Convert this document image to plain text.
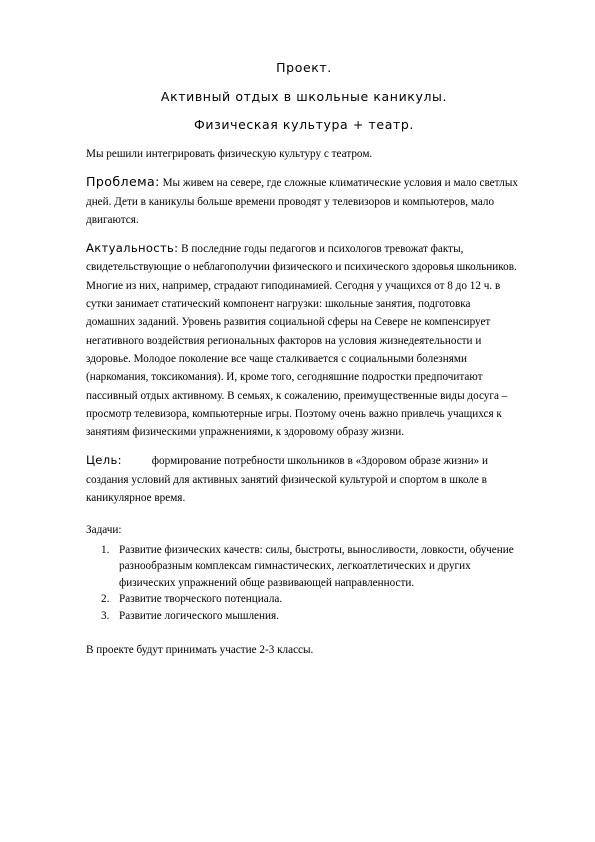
Проект.

Активный отдых в школьные каникулы.

Физическая культура + театр.

Мы решили интегрировать физическую культуру с театром.

Проблема: Мы живем на севере, где сложные климатические условия и мало светлых дней. Дети в каникулы больше времени проводят у телевизоров и компьютеров, мало двигаются.

Актуальность: В последние годы педагогов и психологов тревожат факты, свидетельствующие о неблагополучии физического и психического здоровья школьников. Многие из них, например, страдают гиподинамией. Сегодня у учащихся от 8 до 12 ч. в сутки занимает статический компонент нагрузки: школьные занятия, подготовка домашних заданий. Уровень развития социальной сферы на Севере не компенсирует негативного воздействия региональных факторов на условия жизнедеятельности и здоровье. Молодое поколение все чаще сталкивается с социальными болезнями (наркомания, токсикомания). И, кроме того, сегодняшние подростки предпочитают пассивный отдых активному. В семьях, к сожалению, преимущественные виды досуга – просмотр телевизора, компьютерные игры. Поэтому очень важно привлечь учащихся к занятиям физическими упражнениями, к здоровому образу жизни.

Цель:	формирование потребности школьников в «Здоровом образе жизни» и создания условий для активных занятий физической культурой и спортом в школе в каникулярное время.

Задачи:

1. Развитие физических качеств: силы, быстроты, выносливости, ловкости, обучение разнообразным комплексам гимнастических, легкоатлетических и других физических упражнений обще развивающей направленности.
2. Развитие творческого потенциала.
3. Развитие логического мышления.

В проекте будут принимать участие 2-3 классы.
